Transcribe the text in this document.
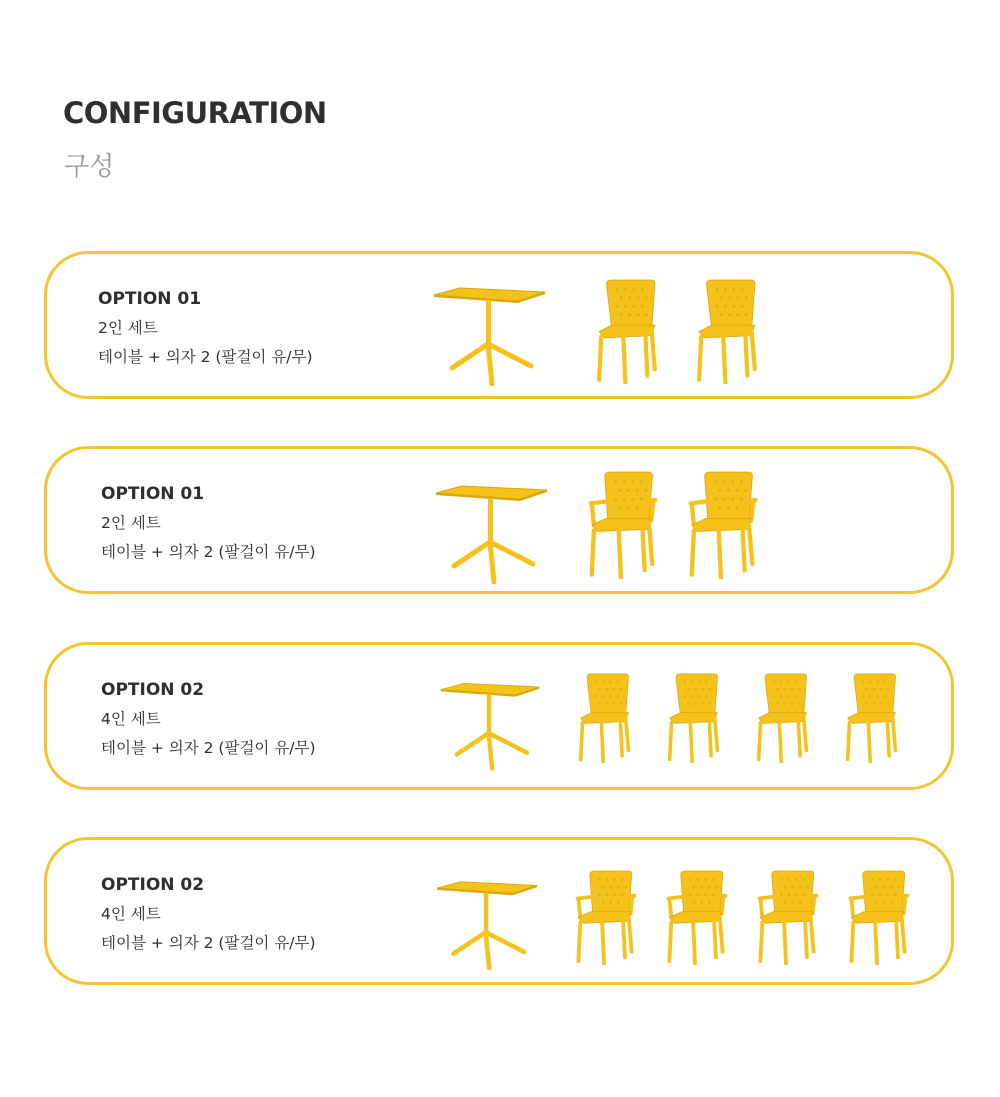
CONFIGURATION
구성

OPTION 01

2인 세트

테이블 + 의자 2 (팔걸이 유/무)

OPTION 01

2인 세트

테이블 + 의자 2 (팔걸이 유/무)

OPTION 02

4인 세트

테이블 + 의자 2 (팔걸이 유/무)

OPTION 02

4인 세트

테이블 + 의자 2 (팔걸이 유/무)
